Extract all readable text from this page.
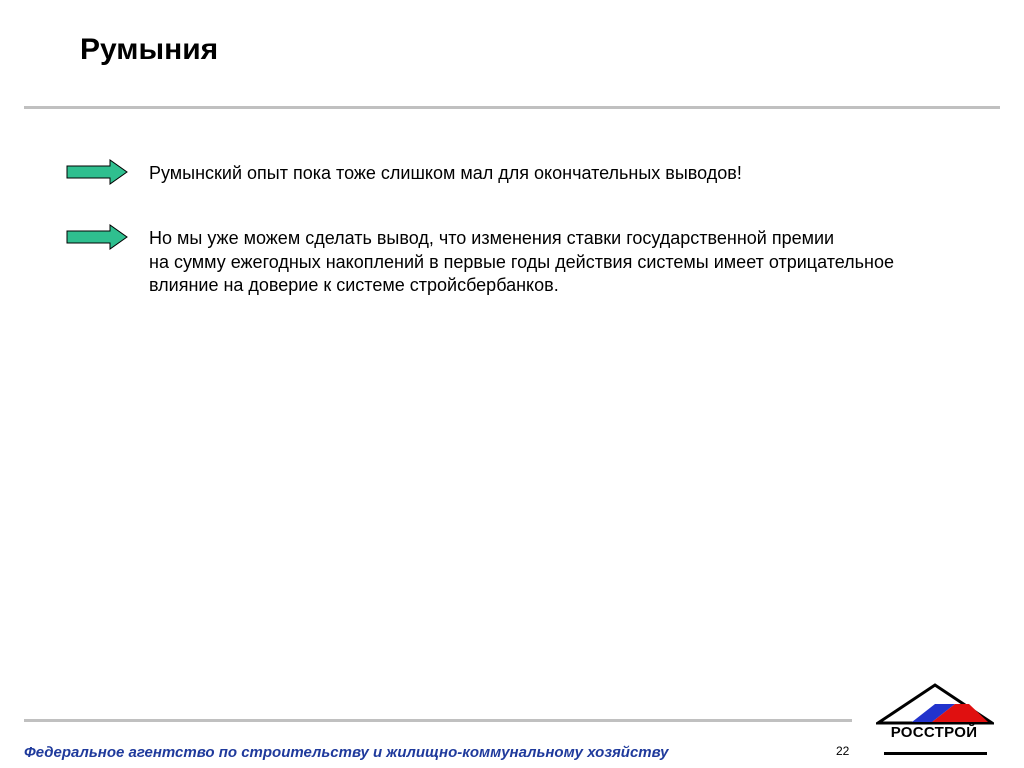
Румыния

Румынский опыт пока тоже слишком мал для окончательных выводов!

Но мы уже можем сделать вывод, что изменения ставки государственной премии
на сумму ежегодных накоплений в первые годы действия системы имеет отрицательное
влияние на доверие к системе стройсбербанков.

Федеральное агентство по строительству и жилищно-коммунальному хозяйству	22
РОССТРОЙ
